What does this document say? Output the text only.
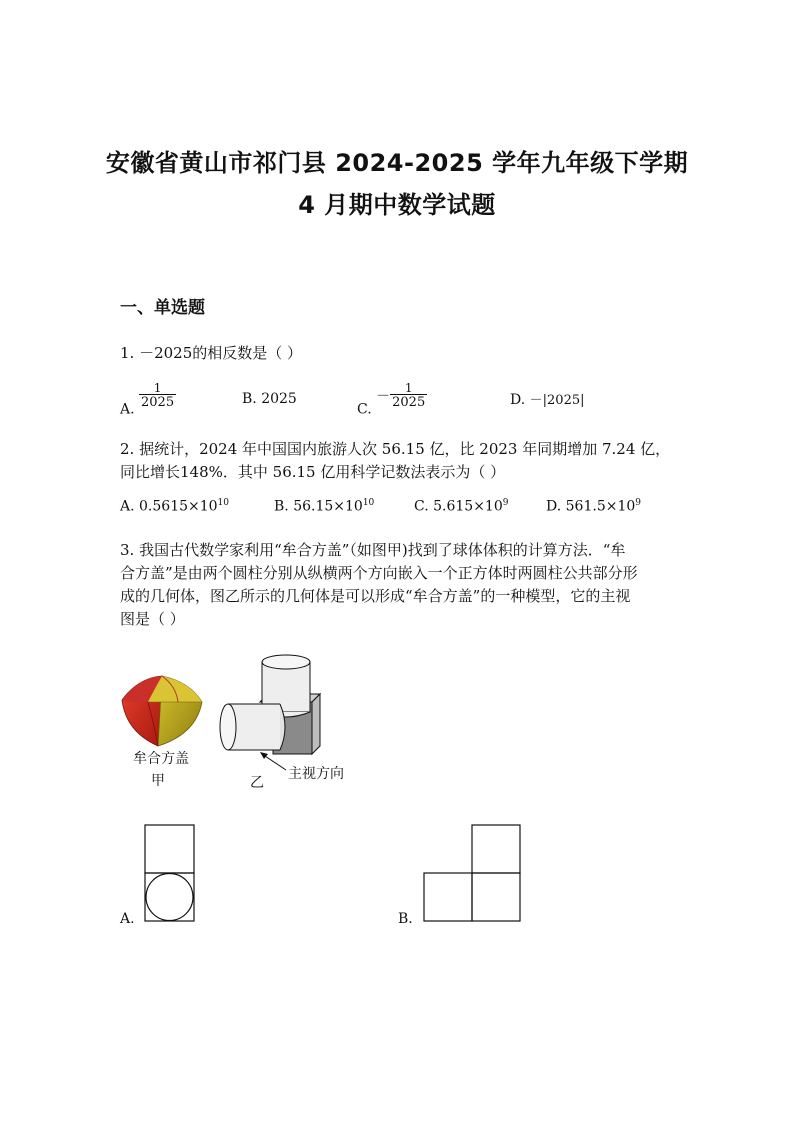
安徽省黄山市祁门县 2024-2025 学年九年级下学期
4 月期中数学试题
一、单选题
1. －2025的相反数是（ ）
A.
$\frac{1}{2025}$	B. 2025
C. － $\frac{1}{2025}$	D. －|2025|
2. 据统计，2024 年中国国内旅游人次 56.15 亿，比 2023 年同期增加 7.24 亿，
同比增长148%．其中 56.15 亿用科学记数法表示为（ ）
A. $0.5615\times 10^{10}$	B. $56.15\times 10^{10}$	C. $5.615\times 10^9$	D. $561.5\times 10^9$
3. 我国古代数学家利用“牟合方盖”（如图甲)找到了球体体积的计算方法．“牟
合方盖”是由两个圆柱分别从纵横两个方向嵌入一个正方体时两圆柱公共部分形
成的几何体，图乙所示的几何体是可以形成“牟合方盖”的一种模型，它的主视
图是（ ）
牟合方盖
甲	主视方向
乙
A.	B.
